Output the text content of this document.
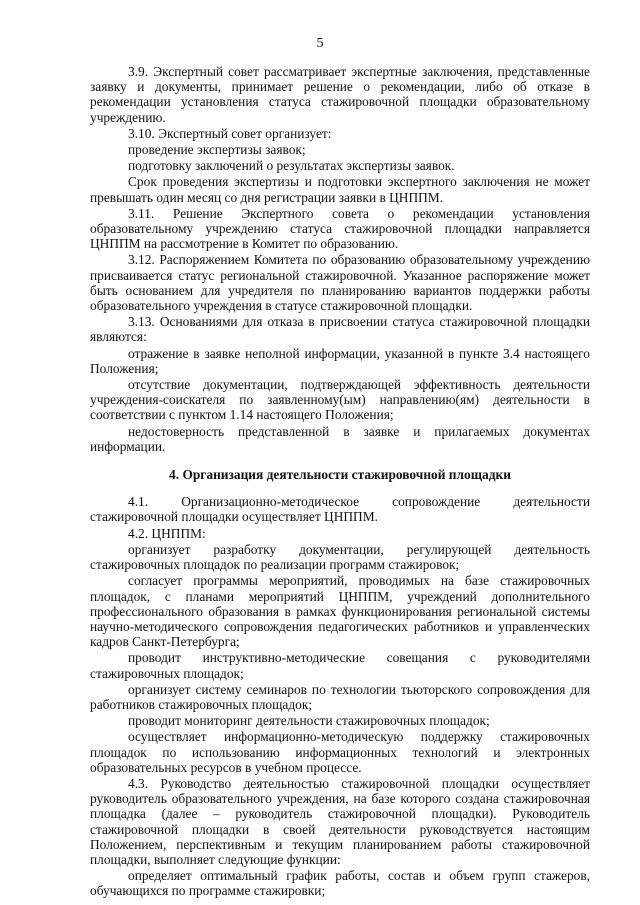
5

3.9. Экспертный совет рассматривает экспертные заключения, представленные заявку и документы, принимает решение о рекомендации, либо об отказе в рекомендации установления статуса стажировочной площадки образовательному учреждению.

3.10. Экспертный совет организует:

проведение экспертизы заявок;

подготовку заключений о результатах экспертизы заявок.

Срок проведения экспертизы и подготовки экспертного заключения не может превышать один месяц со дня регистрации заявки в ЦНППМ.

3.11. Решение Экспертного совета о рекомендации установления образовательному учреждению статуса стажировочной площадки направляется ЦНППМ на рассмотрение в Комитет по образованию.

3.12. Распоряжением Комитета по образованию образовательному учреждению присваивается статус региональной стажировочной. Указанное распоряжение может быть основанием для учредителя по планированию вариантов поддержки работы образовательного учреждения в статусе стажировочной площадки.

3.13. Основаниями для отказа в присвоении статуса стажировочной площадки являются:

отражение в заявке неполной информации, указанной в пункте 3.4 настоящего Положения;

отсутствие документации, подтверждающей эффективность деятельности учреждения-соискателя по заявленному(ым) направлению(ям) деятельности в соответствии с пунктом 1.14 настоящего Положения;

недостоверность представленной в заявке и прилагаемых документах информации.

4. Организация деятельности стажировочной площадки

4.1. Организационно-методическое сопровождение деятельности стажировочной площадки осуществляет ЦНППМ.

4.2. ЦНППМ:

организует разработку документации, регулирующей деятельность стажировочных площадок по реализации программ стажировок;

согласует программы мероприятий, проводимых на базе стажировочных площадок, с планами мероприятий ЦНППМ, учреждений дополнительного профессионального образования в рамках функционирования региональной системы научно-методического сопровождения педагогических работников и управленческих кадров Санкт-Петербурга;

проводит инструктивно-методические совещания с руководителями стажировочных площадок;

организует систему семинаров по технологии тьюторского сопровождения для работников стажировочных площадок;

проводит мониторинг деятельности стажировочных площадок;

осуществляет информационно-методическую поддержку стажировочных площадок по использованию информационных технологий и электронных образовательных ресурсов в учебном процессе.

4.3. Руководство деятельностью стажировочной площадки осуществляет руководитель образовательного учреждения, на базе которого создана стажировочная площадка (далее – руководитель стажировочной площадки). Руководитель стажировочной площадки в своей деятельности руководствуется настоящим Положением, перспективным и текущим планированием работы стажировочной площадки, выполняет следующие функции:

определяет оптимальный график работы, состав и объем групп стажеров, обучающихся по программе стажировки;
